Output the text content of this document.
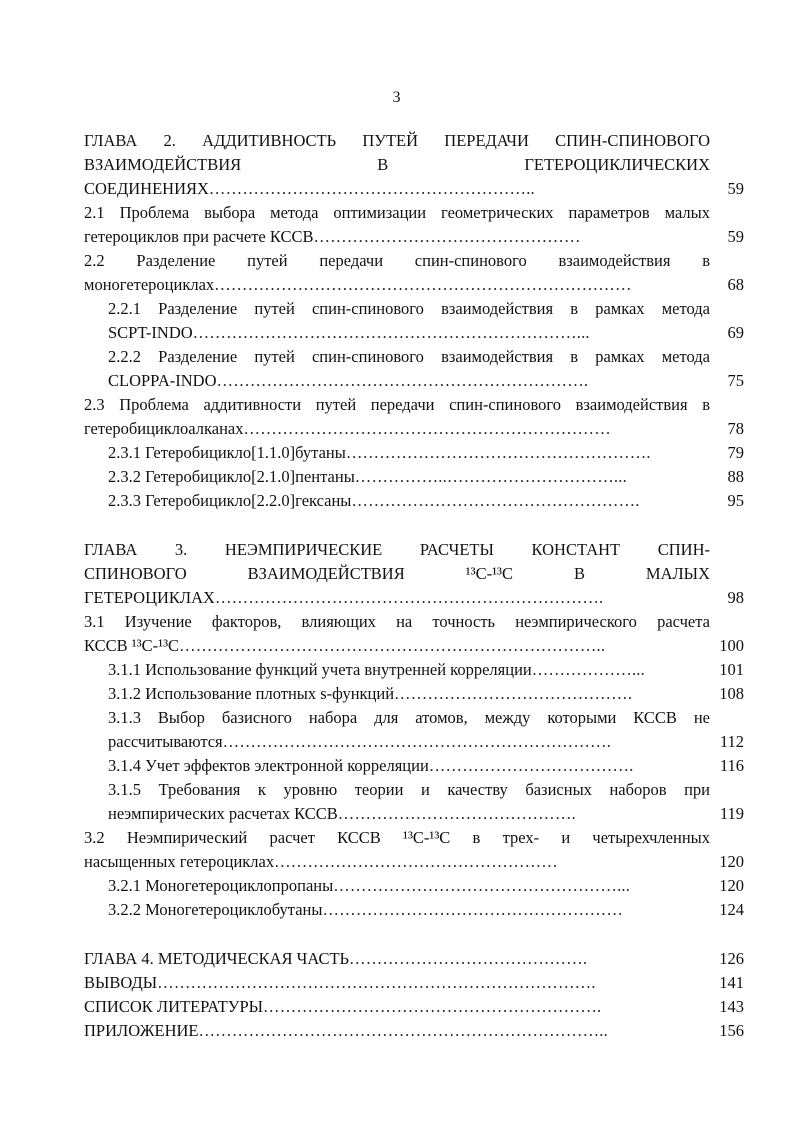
3
ГЛАВА 2. АДДИТИВНОСТЬ ПУТЕЙ ПЕРЕДАЧИ СПИН-СПИНОВОГО
ВЗАИМОДЕЙСТВИЯ В ГЕТЕРОЦИКЛИЧЕСКИХ
СОЕДИНЕНИЯХ…………………………………………………..	59
2.1 Проблема выбора метода оптимизации геометрических параметров малых
гетероциклов при расчете КССВ…………………………………………	59
2.2 Разделение путей передачи спин-спинового взаимодействия в
моногетероциклах…………………………………………………………………	68
2.2.1 Разделение путей спин-спинового взаимодействия в рамках метода
SCPT-INDO……………………………………………………………...	69
2.2.2 Разделение путей спин-спинового взаимодействия в рамках метода
CLOPPA-INDO………………………………………………………….	75
2.3 Проблема аддитивности путей передачи спин-спинового взаимодействия в
гетеробициклоалканах…………………………………………………………	78
2.3.1 Гетеробицикло[1.1.0]бутаны……………………………………………….	79
2.3.2 Гетеробицикло[2.1.0]пентаны……………..…………………………...	88
2.3.3 Гетеробицикло[2.2.0]гексаны…………………………………………….	95
ГЛАВА 3. НЕЭМПИРИЧЕСКИЕ РАСЧЕТЫ КОНСТАНТ СПИН-
СПИНОВОГО ВЗАИМОДЕЙСТВИЯ ¹³C-¹³C В МАЛЫХ
ГЕТЕРОЦИКЛАХ…………………………………………………………….	98
3.1 Изучение факторов, влияющих на точность неэмпирического расчета
КССВ ¹³C-¹³C…………………………………………………………………..	100
3.1.1 Использование функций учета внутренней корреляции………………...	101
3.1.2 Использование плотных s-функций…………………………………….	108
3.1.3 Выбор базисного набора для атомов, между которыми КССВ не
рассчитываются…………………………………………………………….	112
3.1.4 Учет эффектов электронной корреляции……………………………….	116
3.1.5 Требования к уровню теории и качеству базисных наборов при
неэмпирических расчетах КССВ…………………………………….	119
3.2 Неэмпирический расчет КССВ ¹³C-¹³C в трех- и четырехчленных
насыщенных гетероциклах……………………………………………	120
3.2.1 Моногетероциклопропаны……………………………………………...	120
3.2.2 Моногетероциклобутаны………………………………………………	124
ГЛАВА 4. МЕТОДИЧЕСКАЯ ЧАСТЬ…………………………………….	126
ВЫВОДЫ…………………………………………………………………….	141
СПИСОК ЛИТЕРАТУРЫ…………………………………………………….	143
ПРИЛОЖЕНИЕ………………………………………………………………..	156
